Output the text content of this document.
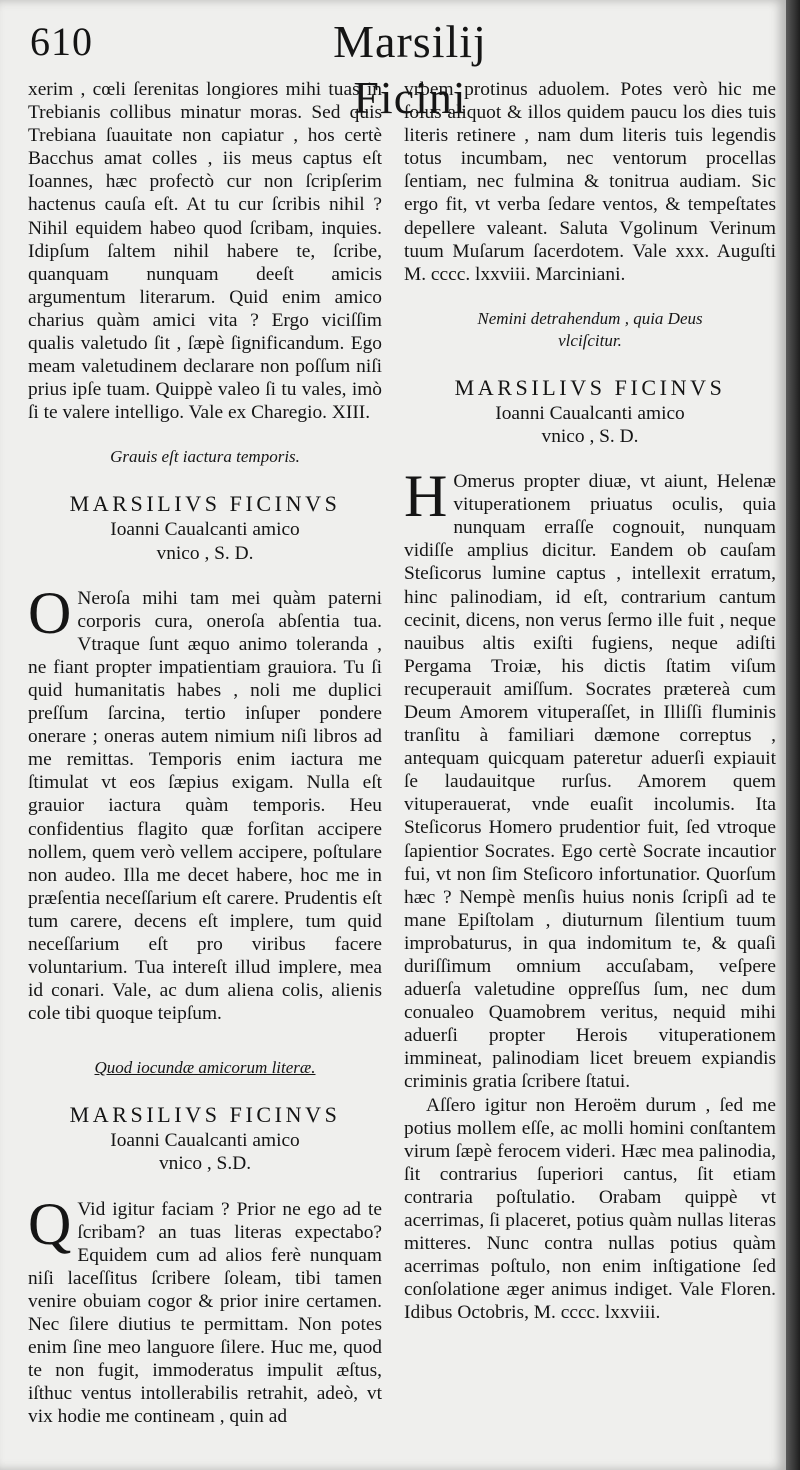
610	Marsilij Ficini

xerim , cœli ſerenitas longiores mihi tuas in Trebianis collibus minatur moras. Sed quis Trebiana ſuauitate non capiatur , hos certè Bacchus amat colles , iis meus captus eſt Ioannes, hæc profectò cur non ſcripſerim hactenus cauſa eſt. At tu cur ſcribis nihil ? Nihil equidem habeo quod ſcribam, inquies. Idipſum ſaltem nihil habere te, ſcribe, quanquam nunquam deeſt amicis argumentum literarum. Quid enim amico charius quàm amici vita ? Ergo viciſſim qualis valetudo ſit , ſæpè ſignificandum. Ego meam valetudinem declarare non poſſum niſi prius ipſe tuam. Quippè valeo ſi tu vales, imò ſi te valere intelligo. Vale ex Charegio. XIII.

Grauis eſt iactura temporis.

MARSILIVS FICINVS

Ioanni Caualcanti amico

vnico , S. D.

O Neroſa mihi tam mei quàm paterni corporis cura, oneroſa abſentia tua. Vtraque ſunt æquo animo toleranda , ne fiant propter impatientiam grauiora. Tu ſi quid humanitatis habes , noli me duplici preſſum ſarcina, tertio inſuper pondere onerare ; oneras autem nimium niſi libros ad me remittas. Temporis enim iactura me ſtimulat vt eos ſæpius exigam. Nulla eſt grauior iactura quàm temporis. Heu confidentius flagito quæ forſitan accipere nollem, quem verò vellem accipere, poſtulare non audeo. Illa me decet habere, hoc me in præſentia neceſſarium eſt carere. Prudentis eſt tum carere, decens eſt implere, tum quid neceſſarium eſt pro viribus facere voluntarium. Tua intereſt illud implere, mea id conari. Vale, ac dum aliena colis, alienis cole tibi quoque teipſum.

Quod iocundæ amicorum literæ.

MARSILIVS FICINVS

Ioanni Caualcanti amico

vnico , S.D.

Q Vid igitur faciam ? Prior ne ego ad te ſcribam? an tuas literas expectabo? Equidem cum ad alios ferè nunquam niſi laceſſitus ſcribere ſoleam, tibi tamen venire obuiam cogor & prior inire certamen. Nec ſilere diutius te permittam. Non potes enim ſine meo languore ſilere. Huc me, quod te non fugit, immoderatus impulit æſtus, iſthuc ventus intollerabilis retrahit, adeò, vt vix hodie me contineam , quin ad

vrbem protinus aduolem. Potes verò hic me ſolus aliquot & illos quidem paucu los dies tuis literis retinere , nam dum literis tuis legendis totus incumbam, nec ventorum procellas ſentiam, nec fulmina & tonitrua audiam. Sic ergo fit, vt verba ſedare ventos, & tempeſtates depellere valeant. Saluta Vgolinum Verinum tuum Muſarum ſacerdotem. Vale xxx. Auguſti M. cccc. lxxviii. Marciniani.

Nemini detrahendum , quia Deus

vlciſcitur.

MARSILIVS FICINVS

Ioanni Caualcanti amico

vnico , S. D.

H Omerus propter diuæ, vt aiunt, Helenæ vituperationem priuatus oculis, quia nunquam erraſſe cognouit, nunquam vidiſſe amplius dicitur. Eandem ob cauſam Steſicorus lumine captus , intellexit erratum, hinc palinodiam, id eſt, contrarium cantum cecinit, dicens, non verus ſermo ille fuit , neque nauibus altis exiſti fugiens, neque adiſti Pergama Troiæ, his dictis ſtatim viſum recuperauit amiſſum. Socrates prætereà cum Deum Amorem vituperaſſet, in Illiſſi fluminis tranſitu à familiari dæmone correptus , antequam quicquam pateretur aduerſi expiauit ſe laudauitque rurſus. Amorem quem vituperauerat, vnde euaſit incolumis. Ita Steſicorus Homero prudentior fuit, ſed vtroque ſapientior Socrates. Ego certè Socrate incautior fui, vt non ſim Steſicoro infortunatior. Quorſum hæc ? Nempè menſis huius nonis ſcripſi ad te mane Epiſtolam , diuturnum ſilentium tuum improbaturus, in qua indomitum te, & quaſi duriſſimum omnium accuſabam, veſpere aduerſa valetudine oppreſſus ſum, nec dum conualeo Quamobrem veritus, nequid mihi aduerſi propter Herois vituperationem immineat, palinodiam licet breuem expiandis criminis gratia ſcribere ſtatui.

Aſſero igitur non Heroëm durum , ſed me potius mollem eſſe, ac molli homini conſtantem virum ſæpè ferocem videri. Hæc mea palinodia, ſit contrarius ſuperiori cantus, ſit etiam contraria poſtulatio. Orabam quippè vt acerrimas, ſi placeret, potius quàm nullas literas mitteres. Nunc contra nullas potius quàm acerrimas poſtulo, non enim inſtigatione ſed conſolatione æger animus indiget. Vale Floren. Idibus Octobris, M. cccc. lxxviii.
